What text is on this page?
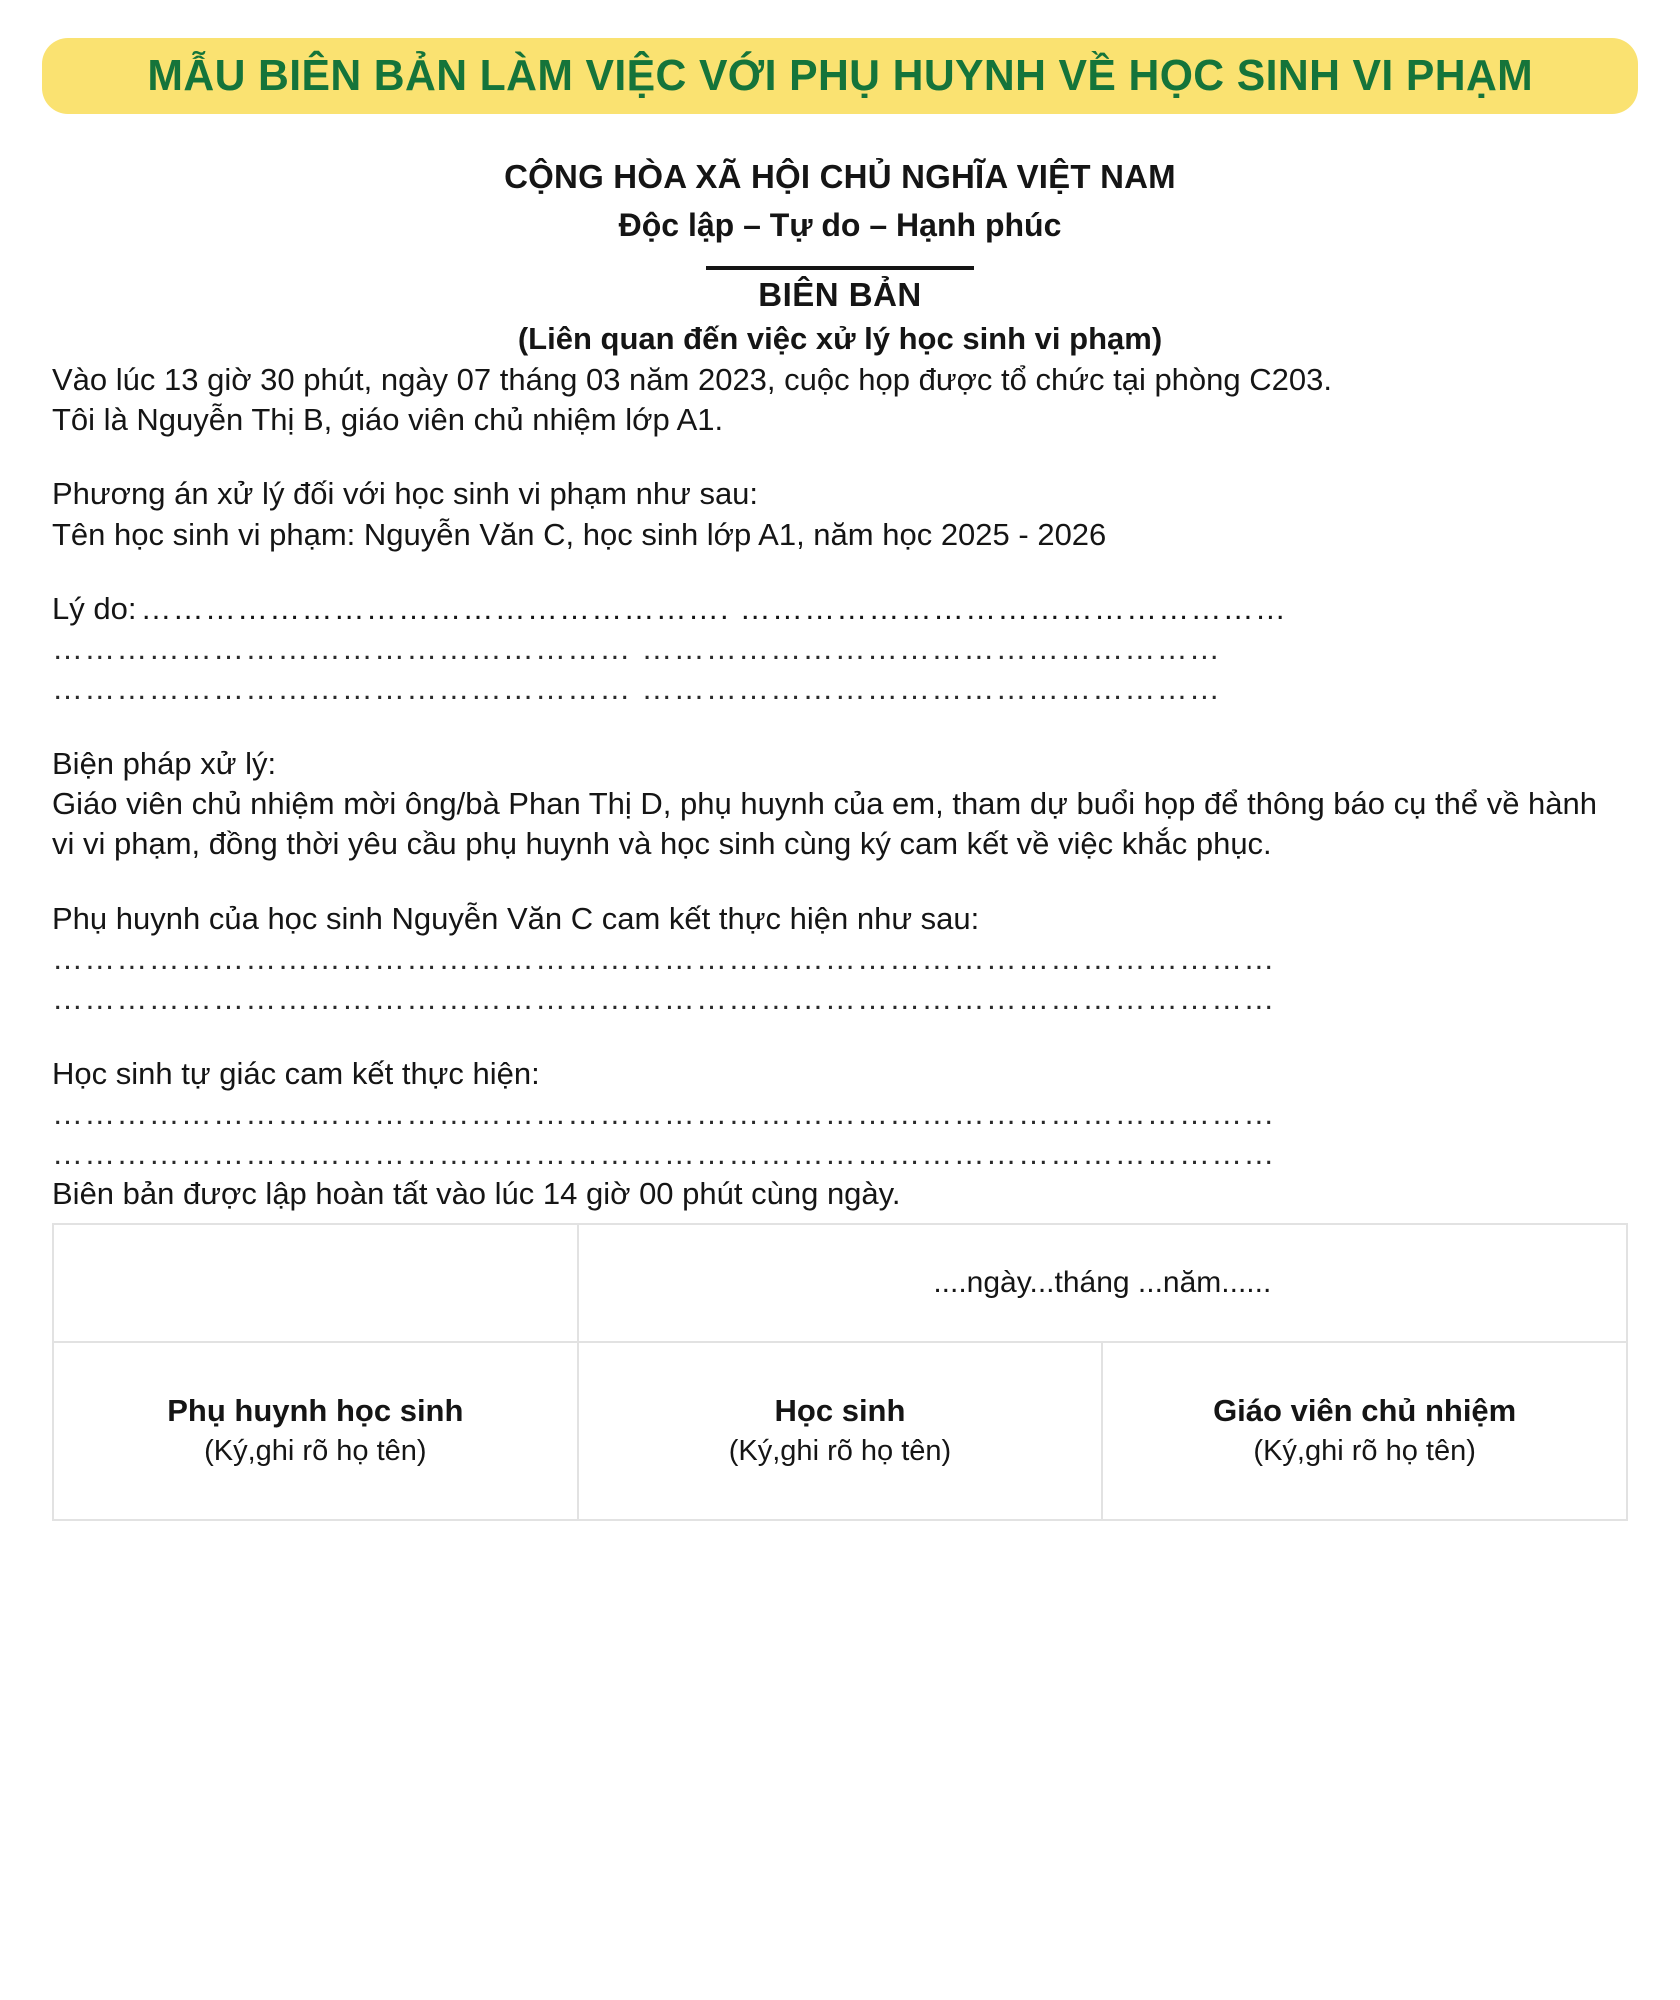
MẪU BIÊN BẢN LÀM VIỆC VỚI PHỤ HUYNH VỀ HỌC SINH VI PHẠM

CỘNG HÒA XÃ HỘI CHỦ NGHĨA VIỆT NAM

Độc lập – Tự do – Hạnh phúc

BIÊN BẢN

(Liên quan đến việc xử lý học sinh vi phạm)

Vào lúc 13 giờ 30 phút, ngày 07 tháng 03 năm 2023, cuộc họp được tổ chức tại phòng C203.

Tôi là Nguyễn Thị B, giáo viên chủ nhiệm lớp A1.

Phương án xử lý đối với học sinh vi phạm như sau:

Tên học sinh vi phạm: Nguyễn Văn C, học sinh lớp A1, năm học 2025 - 2026

Lý do: ………………………………………………. ……………………………………………
……………………………………………… ………………………………………………
……………………………………………… ………………………………………………

Biện pháp xử lý:

Giáo viên chủ nhiệm mời ông/bà Phan Thị D, phụ huynh của em, tham dự buổi họp để thông báo cụ thể về hành vi vi phạm, đồng thời yêu cầu phụ huynh và học sinh cùng ký cam kết về việc khắc phục.

Phụ huynh của học sinh Nguyễn Văn C cam kết thực hiện như sau:

……………………………………………………………………………………………………
……………………………………………………………………………………………………

Học sinh tự giác cam kết thực hiện:

……………………………………………………………………………………………………
……………………………………………………………………………………………………

Biên bản được lập hoàn tất vào lúc 14 giờ 00 phút cùng ngày.

	....ngày...tháng ...năm......	

Phụ huynh học sinh
(Ký,ghi rõ họ tên)

Học sinh
(Ký,ghi rõ họ tên)

Giáo viên chủ nhiệm
(Ký,ghi rõ họ tên)
